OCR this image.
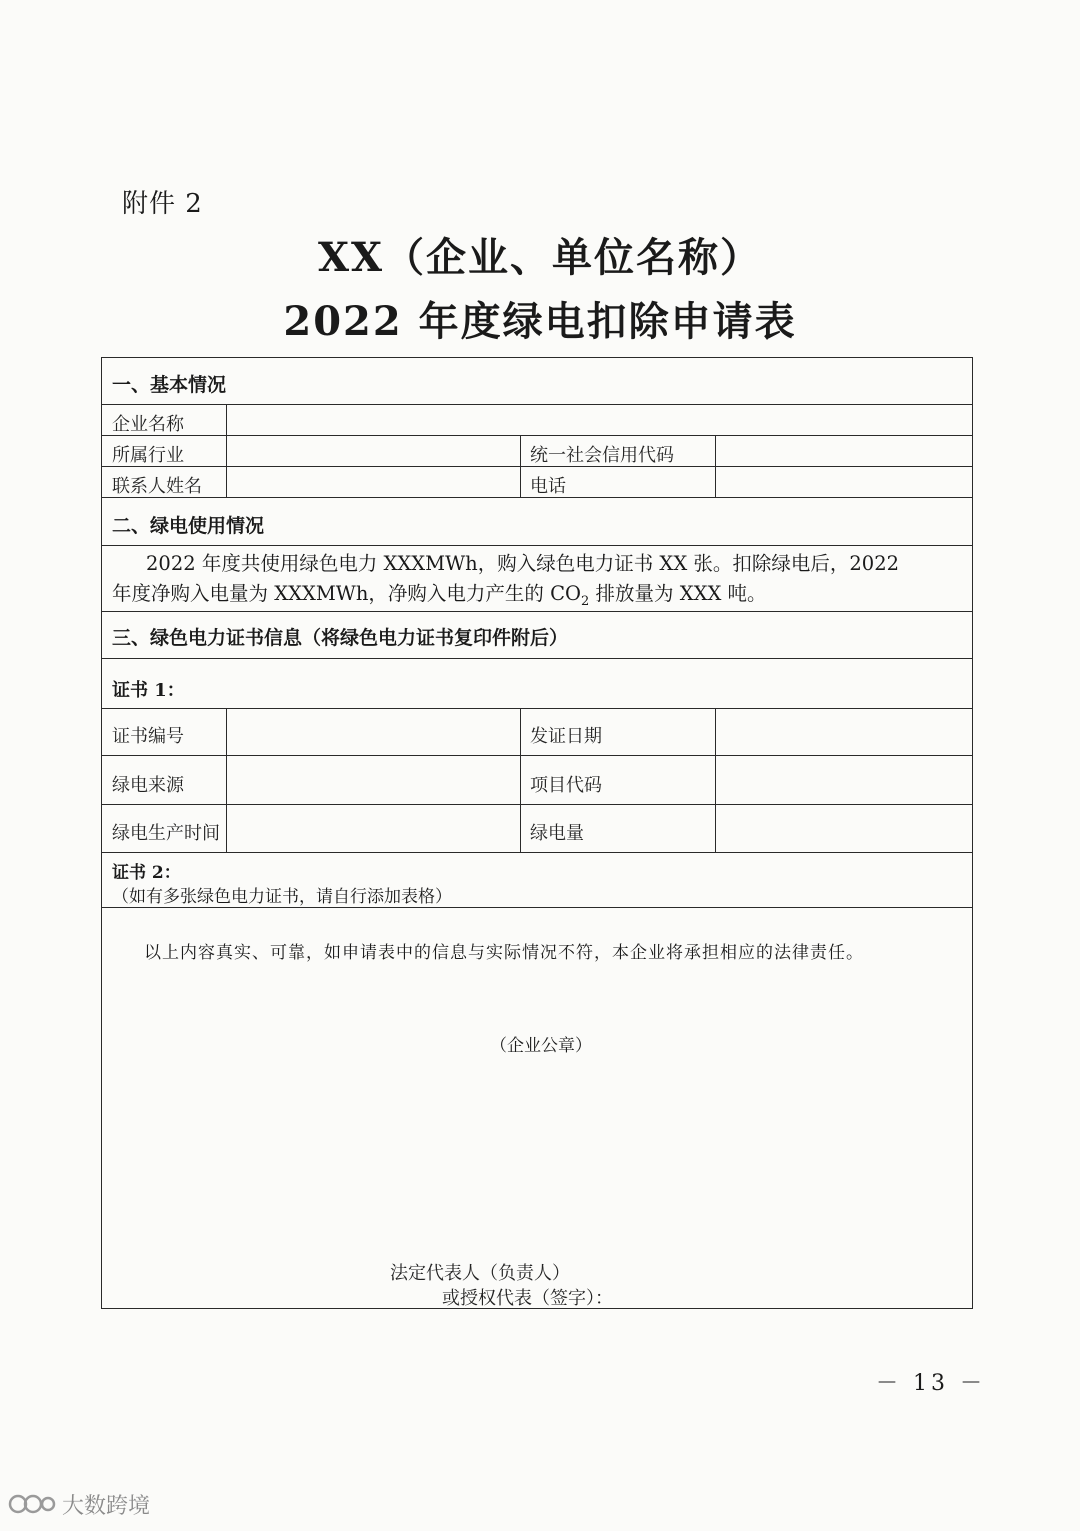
附件 2
XX（企业、单位名称）
2022 年度绿电扣除申请表
一、基本情况
企业名称
所属行业	统一社会信用代码
联系人姓名	电话
二、绿电使用情况
2022 年度共使用绿色电力 XXXMWh，购入绿色电力证书 XX 张。扣除绿电后，2022
年度净购入电量为 XXXMWh，净购入电力产生的 $CO_2$ 排放量为 XXX 吨。
三、绿色电力证书信息（将绿色电力证书复印件附后）
证书 1：
证书编号	发证日期
绿电来源	项目代码
绿电生产时间	绿电量
证书 2：
（如有多张绿色电力证书，请自行添加表格）
以上内容真实、可靠，如申请表中的信息与实际情况不符，本企业将承担相应的法律责任。
（企业公章）
法定代表人（负责人）
或授权代表（签字）：
－ 13 －
大数跨境
